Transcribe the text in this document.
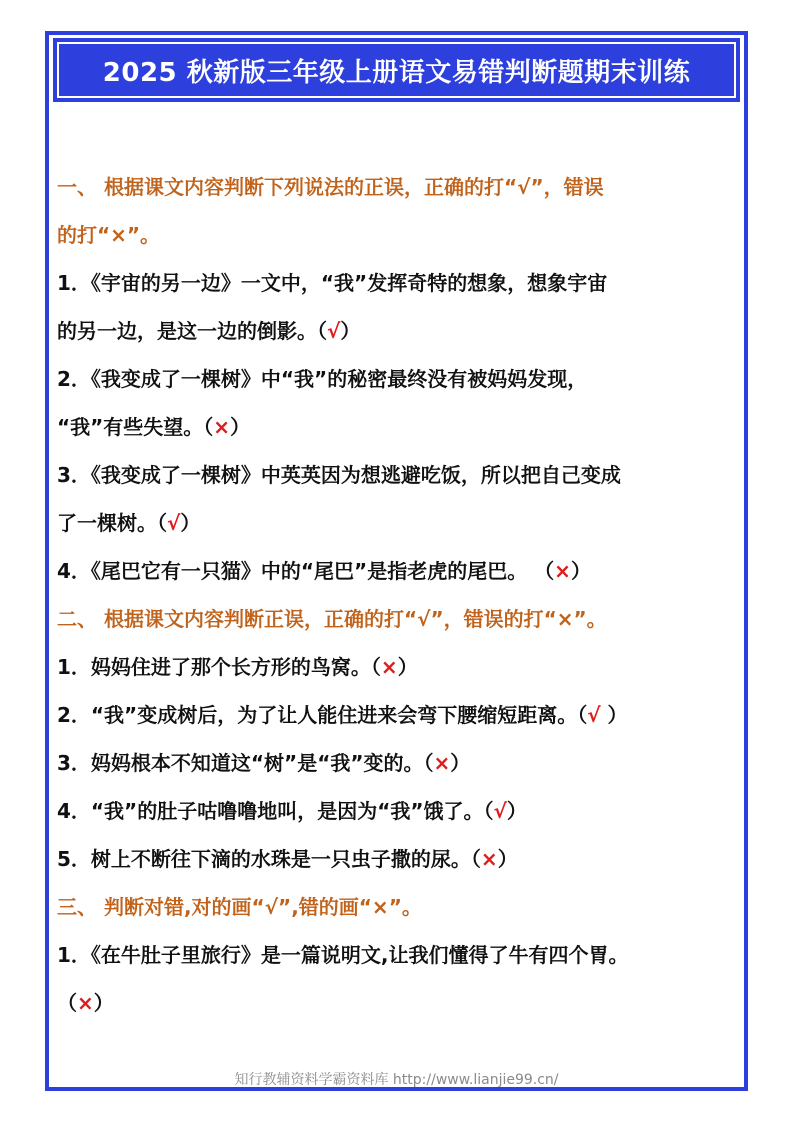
2025 秋新版三年级上册语文易错判断题期末训练
一、 根据课文内容判断下列说法的正误，正确的打“√”，错误
的打“×”。
1．《宇宙的另一边》一文中，“我”发挥奇特的想象，想象宇宙
的另一边，是这一边的倒影。（√）
2．《我变成了一棵树》中“我”的秘密最终没有被妈妈发现，
“我”有些失望。（×）
3．《我变成了一棵树》中英英因为想逃避吃饭，所以把自己变成
了一棵树。（√）
4．《尾巴它有一只猫》中的“尾巴”是指老虎的尾巴。 （×）
二、 根据课文内容判断正误，正确的打“√”，错误的打“×”。
1．妈妈住进了那个长方形的鸟窝。（×）
2．“我”变成树后，为了让人能住进来会弯下腰缩短距离。（√ ）
3．妈妈根本不知道这“树”是“我”变的。（×）
4．“我”的肚子咕噜噜地叫，是因为“我”饿了。（√）
5．树上不断往下滴的水珠是一只虫子撒的尿。（×）
三、 判断对错,对的画“√”,错的画“×”。
1．《在牛肚子里旅行》是一篇说明文,让我们懂得了牛有四个胃。
（×）
知行教辅资料学霸资料库 http://www.lianjie99.cn/
